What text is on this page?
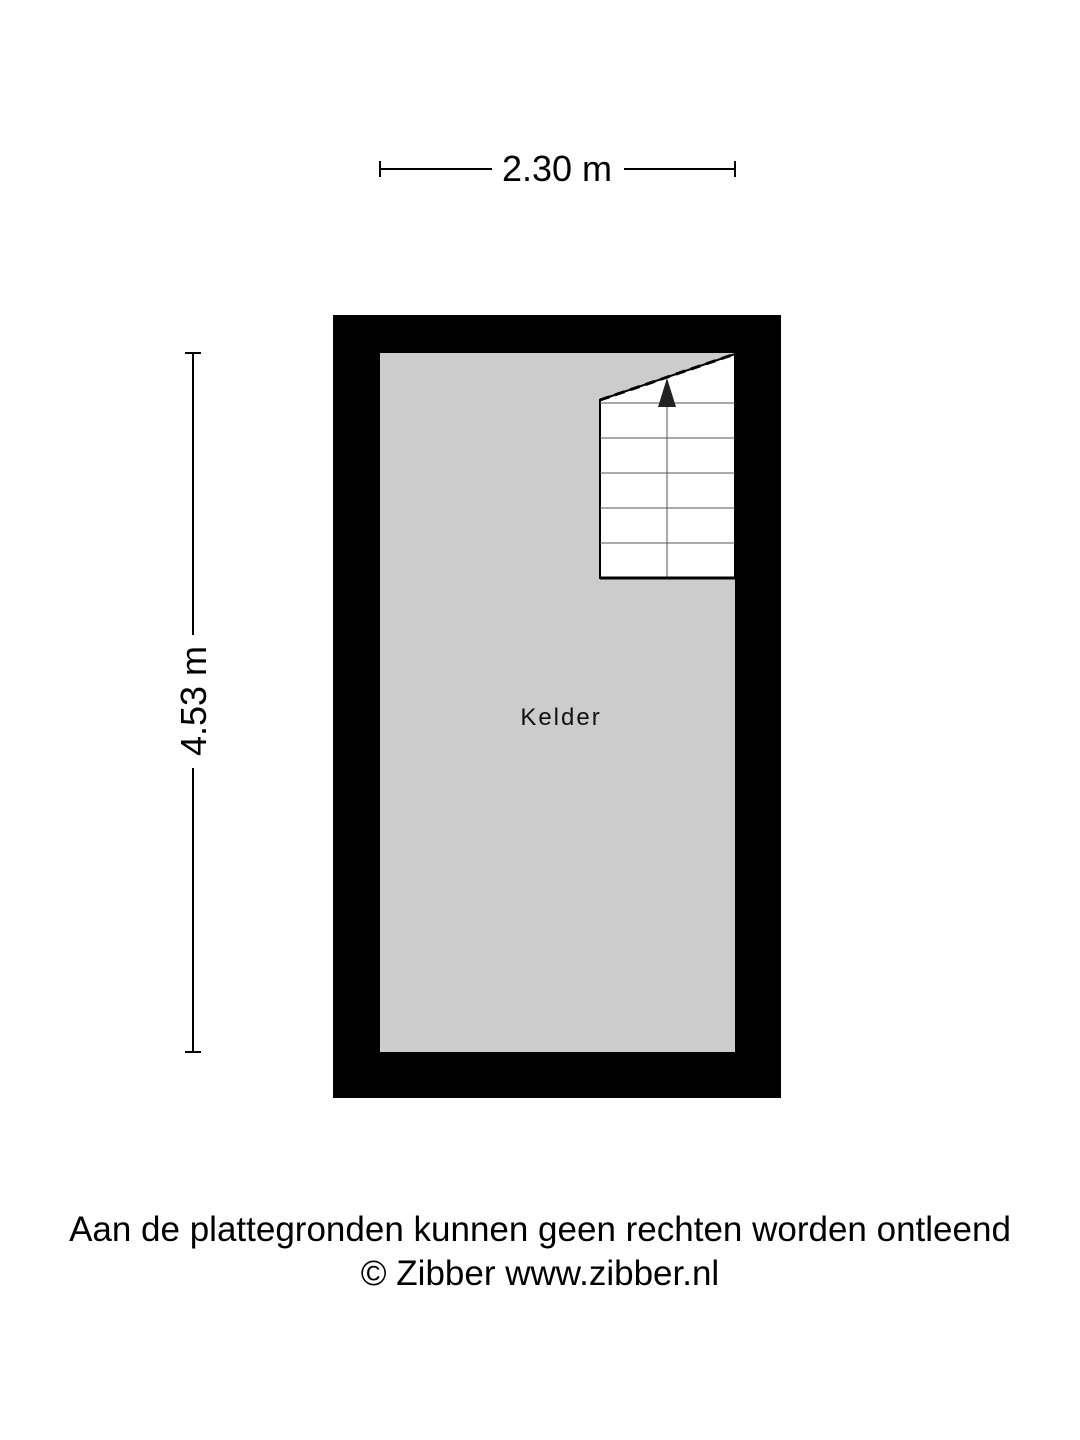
2.30 m
4.53 m	Kelder
Aan de plattegronden kunnen geen rechten worden ontleend
© Zibber www.zibber.nl
